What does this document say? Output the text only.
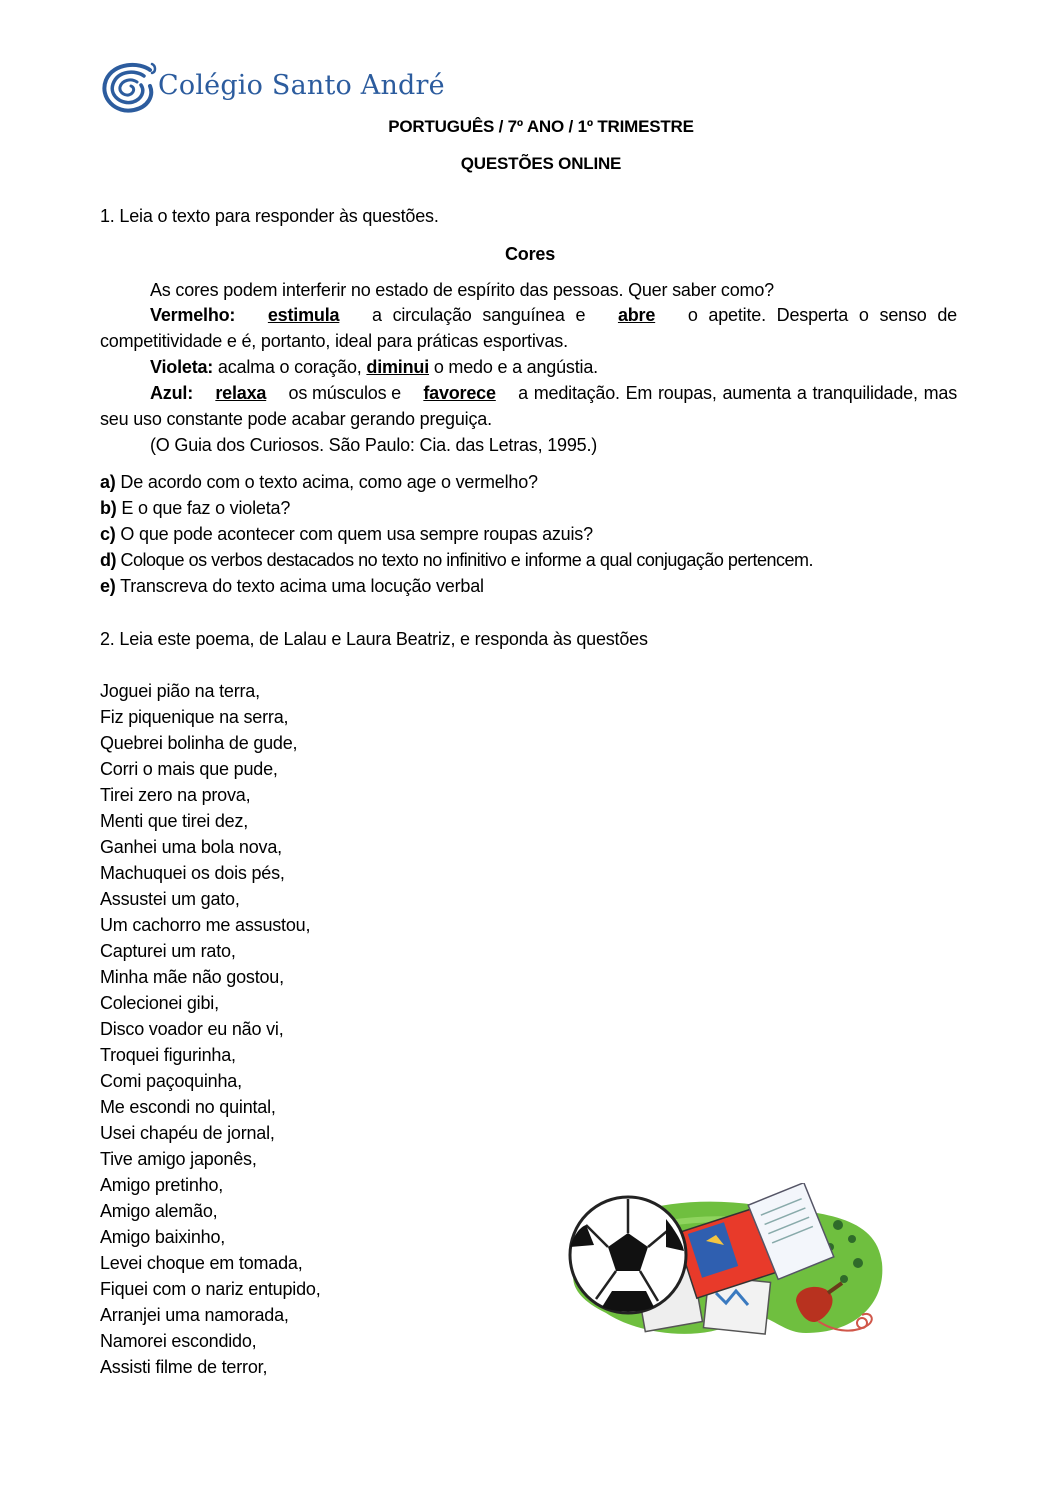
Colégio Santo André
PORTUGUÊS / 7º ANO / 1º TRIMESTRE
QUESTÕES ONLINE
1. Leia o texto para responder às questões.
Cores
As cores podem interferir no estado de espírito das pessoas. Quer saber como?
Vermelho: estimula a circulação sanguínea e abre o apetite. Desperta o senso de
competitividade e é, portanto, ideal para práticas esportivas.
Violeta: acalma o coração, diminui o medo e a angústia.
Azul: relaxa os músculos e favorece a meditação. Em roupas, aumenta a tranquilidade, mas
seu uso constante pode acabar gerando preguiça.
(O Guia dos Curiosos. São Paulo: Cia. das Letras, 1995.)
a) De acordo com o texto acima, como age o vermelho?
b) E o que faz o violeta?
c) O que pode acontecer com quem usa sempre roupas azuis?
d) Coloque os verbos destacados no texto no infinitivo e informe a qual conjugação pertencem.
e) Transcreva do texto acima uma locução verbal
2. Leia este poema, de Lalau e Laura Beatriz, e responda às questões
Joguei pião na terra,
Fiz piquenique na serra,
Quebrei bolinha de gude,
Corri o mais que pude,
Tirei zero na prova,
Menti que tirei dez,
Ganhei uma bola nova,
Machuquei os dois pés,
Assustei um gato,
Um cachorro me assustou,
Capturei um rato,
Minha mãe não gostou,
Colecionei gibi,
Disco voador eu não vi,
Troquei figurinha,
Comi paçoquinha,
Me escondi no quintal,
Usei chapéu de jornal,
Tive amigo japonês,
Amigo pretinho,
Amigo alemão,
Amigo baixinho,
Levei choque em tomada,
Fiquei com o nariz entupido,
Arranjei uma namorada,
Namorei escondido,
Assisti filme de terror,
